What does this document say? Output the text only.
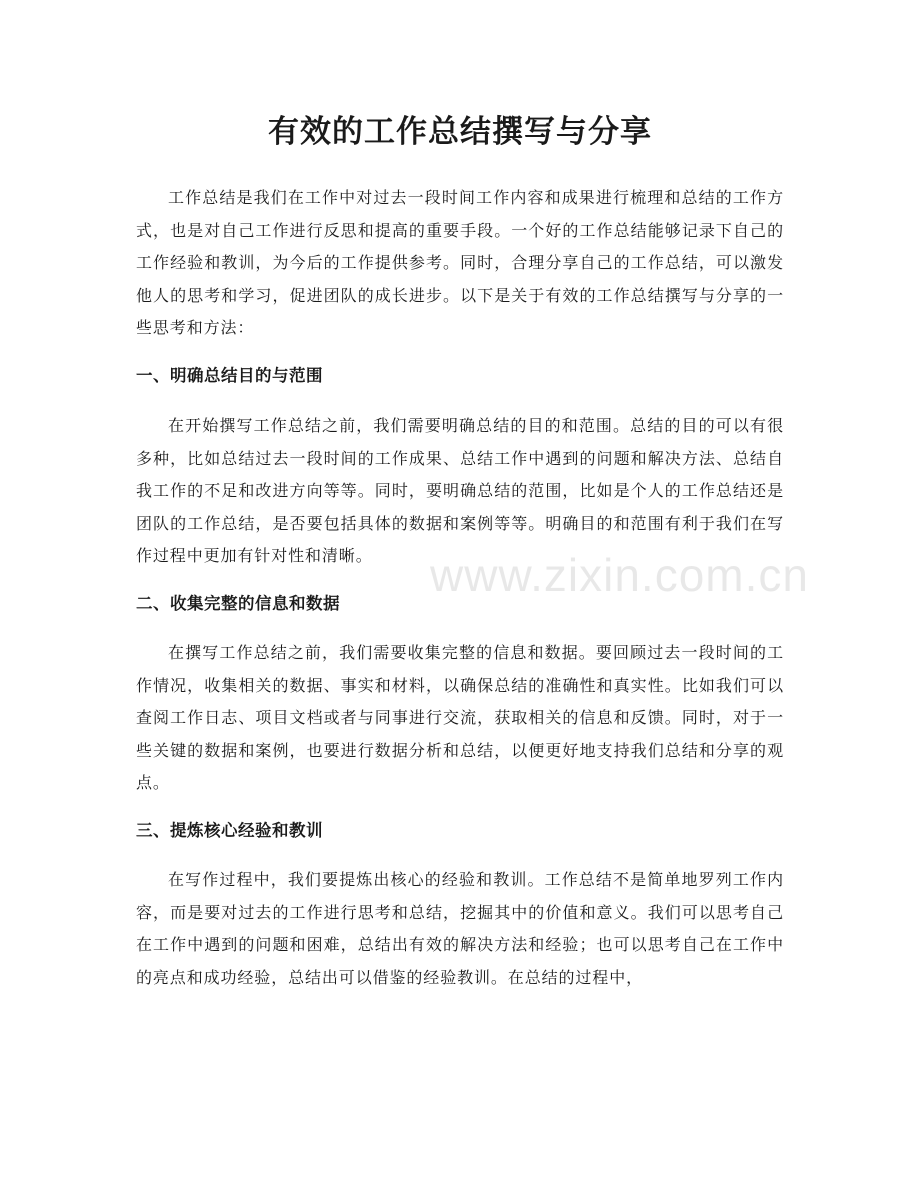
有效的工作总结撰写与分享

工作总结是我们在工作中对过去一段时间工作内容和成果进行梳理和总结的工作方式，也是对自己工作进行反思和提高的重要手段。一个好的工作总结能够记录下自己的工作经验和教训，为今后的工作提供参考。同时，合理分享自己的工作总结，可以激发他人的思考和学习，促进团队的成长进步。以下是关于有效的工作总结撰写与分享的一些思考和方法：

一、明确总结目的与范围

在开始撰写工作总结之前，我们需要明确总结的目的和范围。总结的目的可以有很多种，比如总结过去一段时间的工作成果、总结工作中遇到的问题和解决方法、总结自我工作的不足和改进方向等等。同时，要明确总结的范围，比如是个人的工作总结还是团队的工作总结，是否要包括具体的数据和案例等等。明确目的和范围有利于我们在写作过程中更加有针对性和清晰。

二、收集完整的信息和数据

在撰写工作总结之前，我们需要收集完整的信息和数据。要回顾过去一段时间的工作情况，收集相关的数据、事实和材料，以确保总结的准确性和真实性。比如我们可以查阅工作日志、项目文档或者与同事进行交流，获取相关的信息和反馈。同时，对于一些关键的数据和案例，也要进行数据分析和总结，以便更好地支持我们总结和分享的观点。

三、提炼核心经验和教训

在写作过程中，我们要提炼出核心的经验和教训。工作总结不是简单地罗列工作内容，而是要对过去的工作进行思考和总结，挖掘其中的价值和意义。我们可以思考自己在工作中遇到的问题和困难，总结出有效的解决方法和经验；也可以思考自己在工作中的亮点和成功经验，总结出可以借鉴的经验教训。在总结的过程中，

www.zixin.com.cn
